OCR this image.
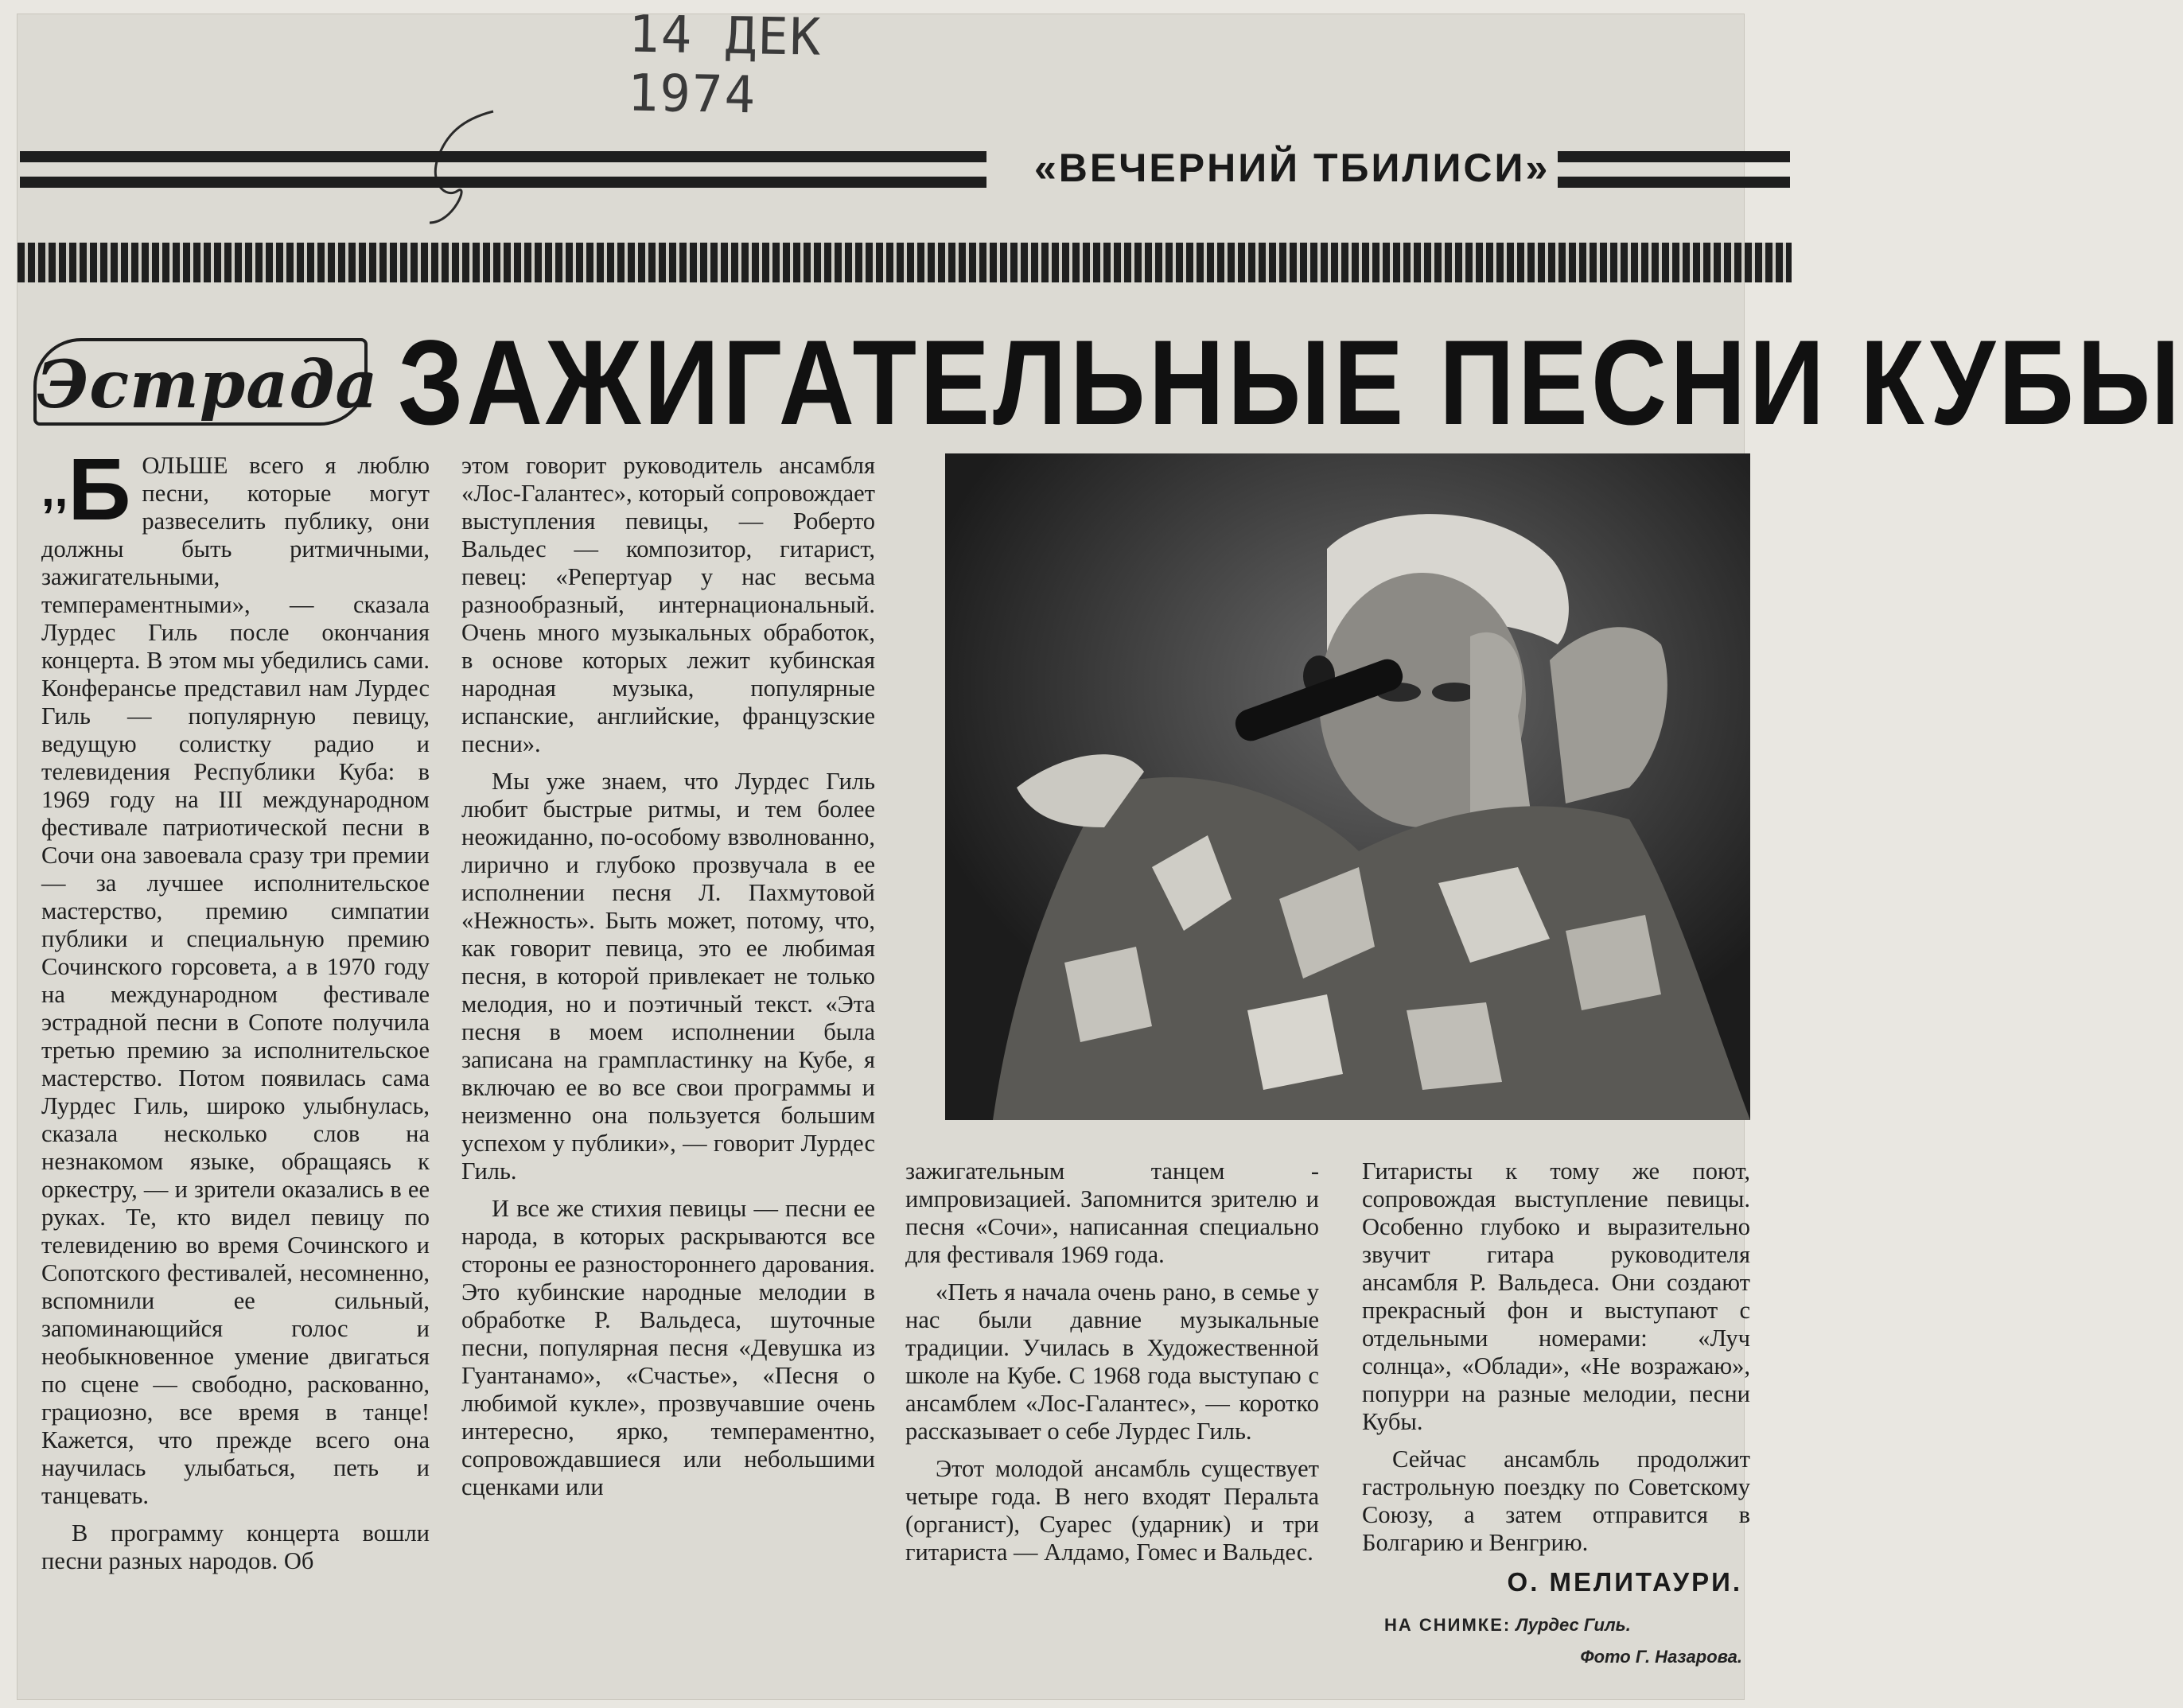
14 ДЕК 1974
«ВЕЧЕРНИЙ ТБИЛИСИ»
Эстрада ЗАЖИГАТЕЛЬНЫЕ ПЕСНИ КУБЫ

,,Б ОЛЬШЕ всего я люблю песни, которые могут развеселить публику, они должны быть ритмичными, зажигательными, темпераментными», — сказала Лурдес Гиль после окончания концерта. В этом мы убедились сами. Конферансье представил нам Лурдес Гиль — популярную певицу, ведущую солистку радио и телевидения Республики Куба: в 1969 году на III международном фестивале патриотической песни в Сочи она завоевала сразу три премии — за лучшее исполнительское мастерство, премию симпатии публики и специальную премию Сочинского горсовета, а в 1970 году на международном фестивале эстрадной песни в Сопоте получила третью премию за исполнительское мастерство. Потом появилась сама Лурдес Гиль, широко улыбнулась, сказала несколько слов на незнакомом языке, обращаясь к оркестру, — и зрители оказались в ее руках. Те, кто видел певицу по телевидению во время Сочинского и Сопотского фестивалей, несомненно, вспомнили ее сильный, запоминающийся голос и необыкновенное умение двигаться по сцене — свободно, раскованно, грациозно, все время в танце! Кажется, что прежде всего она научилась улыбаться, петь и танцевать.

В программу концерта вошли песни разных народов. Об

этом говорит руководитель ансамбля «Лос-Галантес», который сопровождает выступления певицы, — Роберто Вальдес — композитор, гитарист, певец: «Репертуар у нас весьма разнообразный, интернациональный. Очень много музыкальных обработок, в основе которых лежит кубинская народная музыка, популярные испанские, английские, французские песни».

Мы уже знаем, что Лурдес Гиль любит быстрые ритмы, и тем более неожиданно, по-особому взволнованно, лирично и глубоко прозвучала в ее исполнении песня Л. Пахмутовой «Нежность». Быть может, потому, что, как говорит певица, это ее любимая песня, в которой привлекает не только мелодия, но и поэтичный текст. «Эта песня в моем исполнении была записана на грампластинку на Кубе, я включаю ее во все свои программы и неизменно она пользуется большим успехом у публики», — говорит Лурдес Гиль.

И все же стихия певицы — песни ее народа, в которых раскрываются все стороны ее разностороннего дарования. Это кубинские народные мелодии в обработке Р. Вальдеса, шуточные песни, популярная песня «Девушка из Гуантанамо», «Счастье», «Песня о любимой кукле», прозвучавшие очень интересно, ярко, темпераментно, сопровождавшиеся или небольшими сценками или

зажигательным танцем - импровизацией. Запомнится зрителю и песня «Сочи», написанная специально для фестиваля 1969 года.

«Петь я начала очень рано, в семье у нас были давние музыкальные традиции. Училась в Художественной школе на Кубе. С 1968 года выступаю с ансамблем «Лос-Галантес», — коротко рассказывает о себе Лурдес Гиль.

Этот молодой ансамбль существует четыре года. В него входят Перальта (органист), Суарес (ударник) и три гитариста — Алдамо, Гомес и Вальдес.

Гитаристы к тому же поют, сопровождая выступление певицы. Особенно глубоко и выразительно звучит гитара руководителя ансамбля Р. Вальдеса. Они создают прекрасный фон и выступают с отдельными номерами: «Луч солнца», «Облади», «Не возражаю», попурри на разные мелодии, песни Кубы.

Сейчас ансамбль продолжит гастрольную поездку по Советскому Союзу, а затем отправится в Болгарию и Венгрию.

О. МЕЛИТАУРИ.
НА СНИМКЕ: Лурдес Гиль.
Фото Г. Назарова.
